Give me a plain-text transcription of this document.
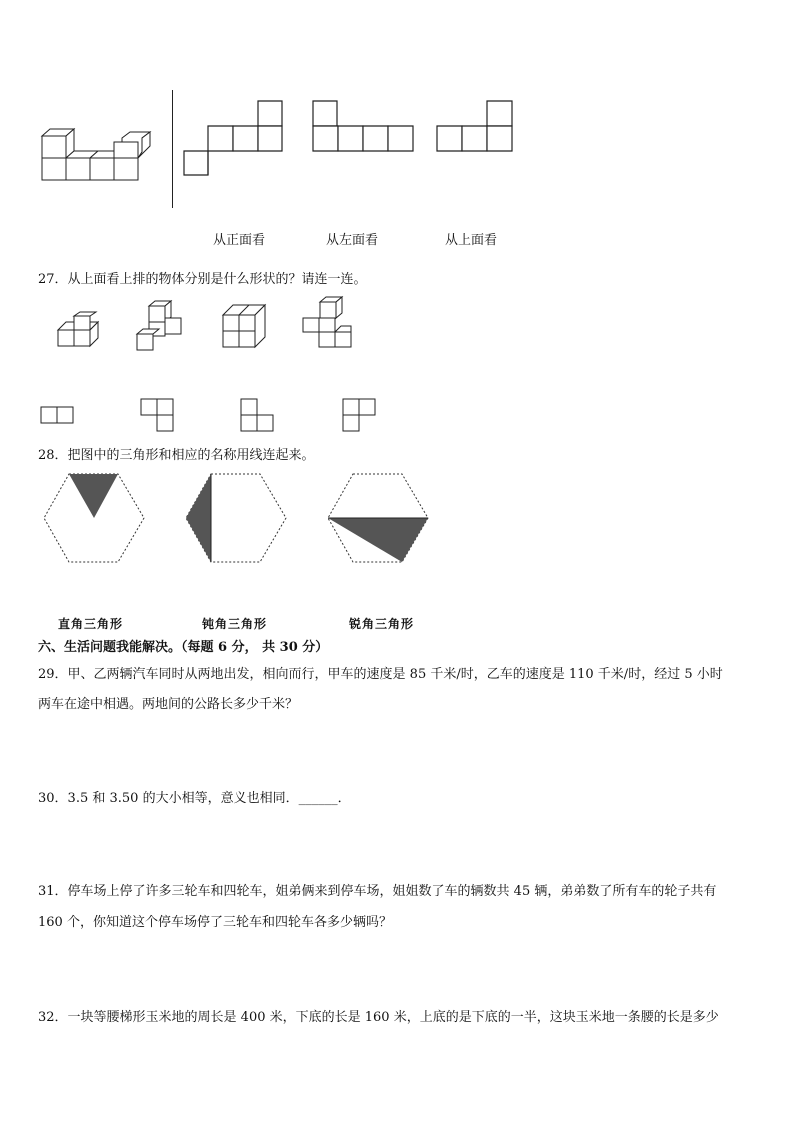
从正面看	从左面看	从上面看
27．从上面看上排的物体分别是什么形状的？请连一连。
28．把图中的三角形和相应的名称用线连起来。
直角三角形	钝角三角形	锐角三角形
六、生活问题我能解决。（每题 6 分， 共 30 分）
29．甲、乙两辆汽车同时从两地出发，相向而行，甲车的速度是 85 千米/时，乙车的速度是 110 千米/时，经过 5 小时
两车在途中相遇。两地间的公路长多少千米？
30．3.5 和 3.50 的大小相等，意义也相同．______．
31．停车场上停了许多三轮车和四轮车，姐弟俩来到停车场，姐姐数了车的辆数共 45 辆，弟弟数了所有车的轮子共有
160 个，你知道这个停车场停了三轮车和四轮车各多少辆吗？
32．一块等腰梯形玉米地的周长是 400 米，下底的长是 160 米，上底的是下底的一半，这块玉米地一条腰的长是多少
